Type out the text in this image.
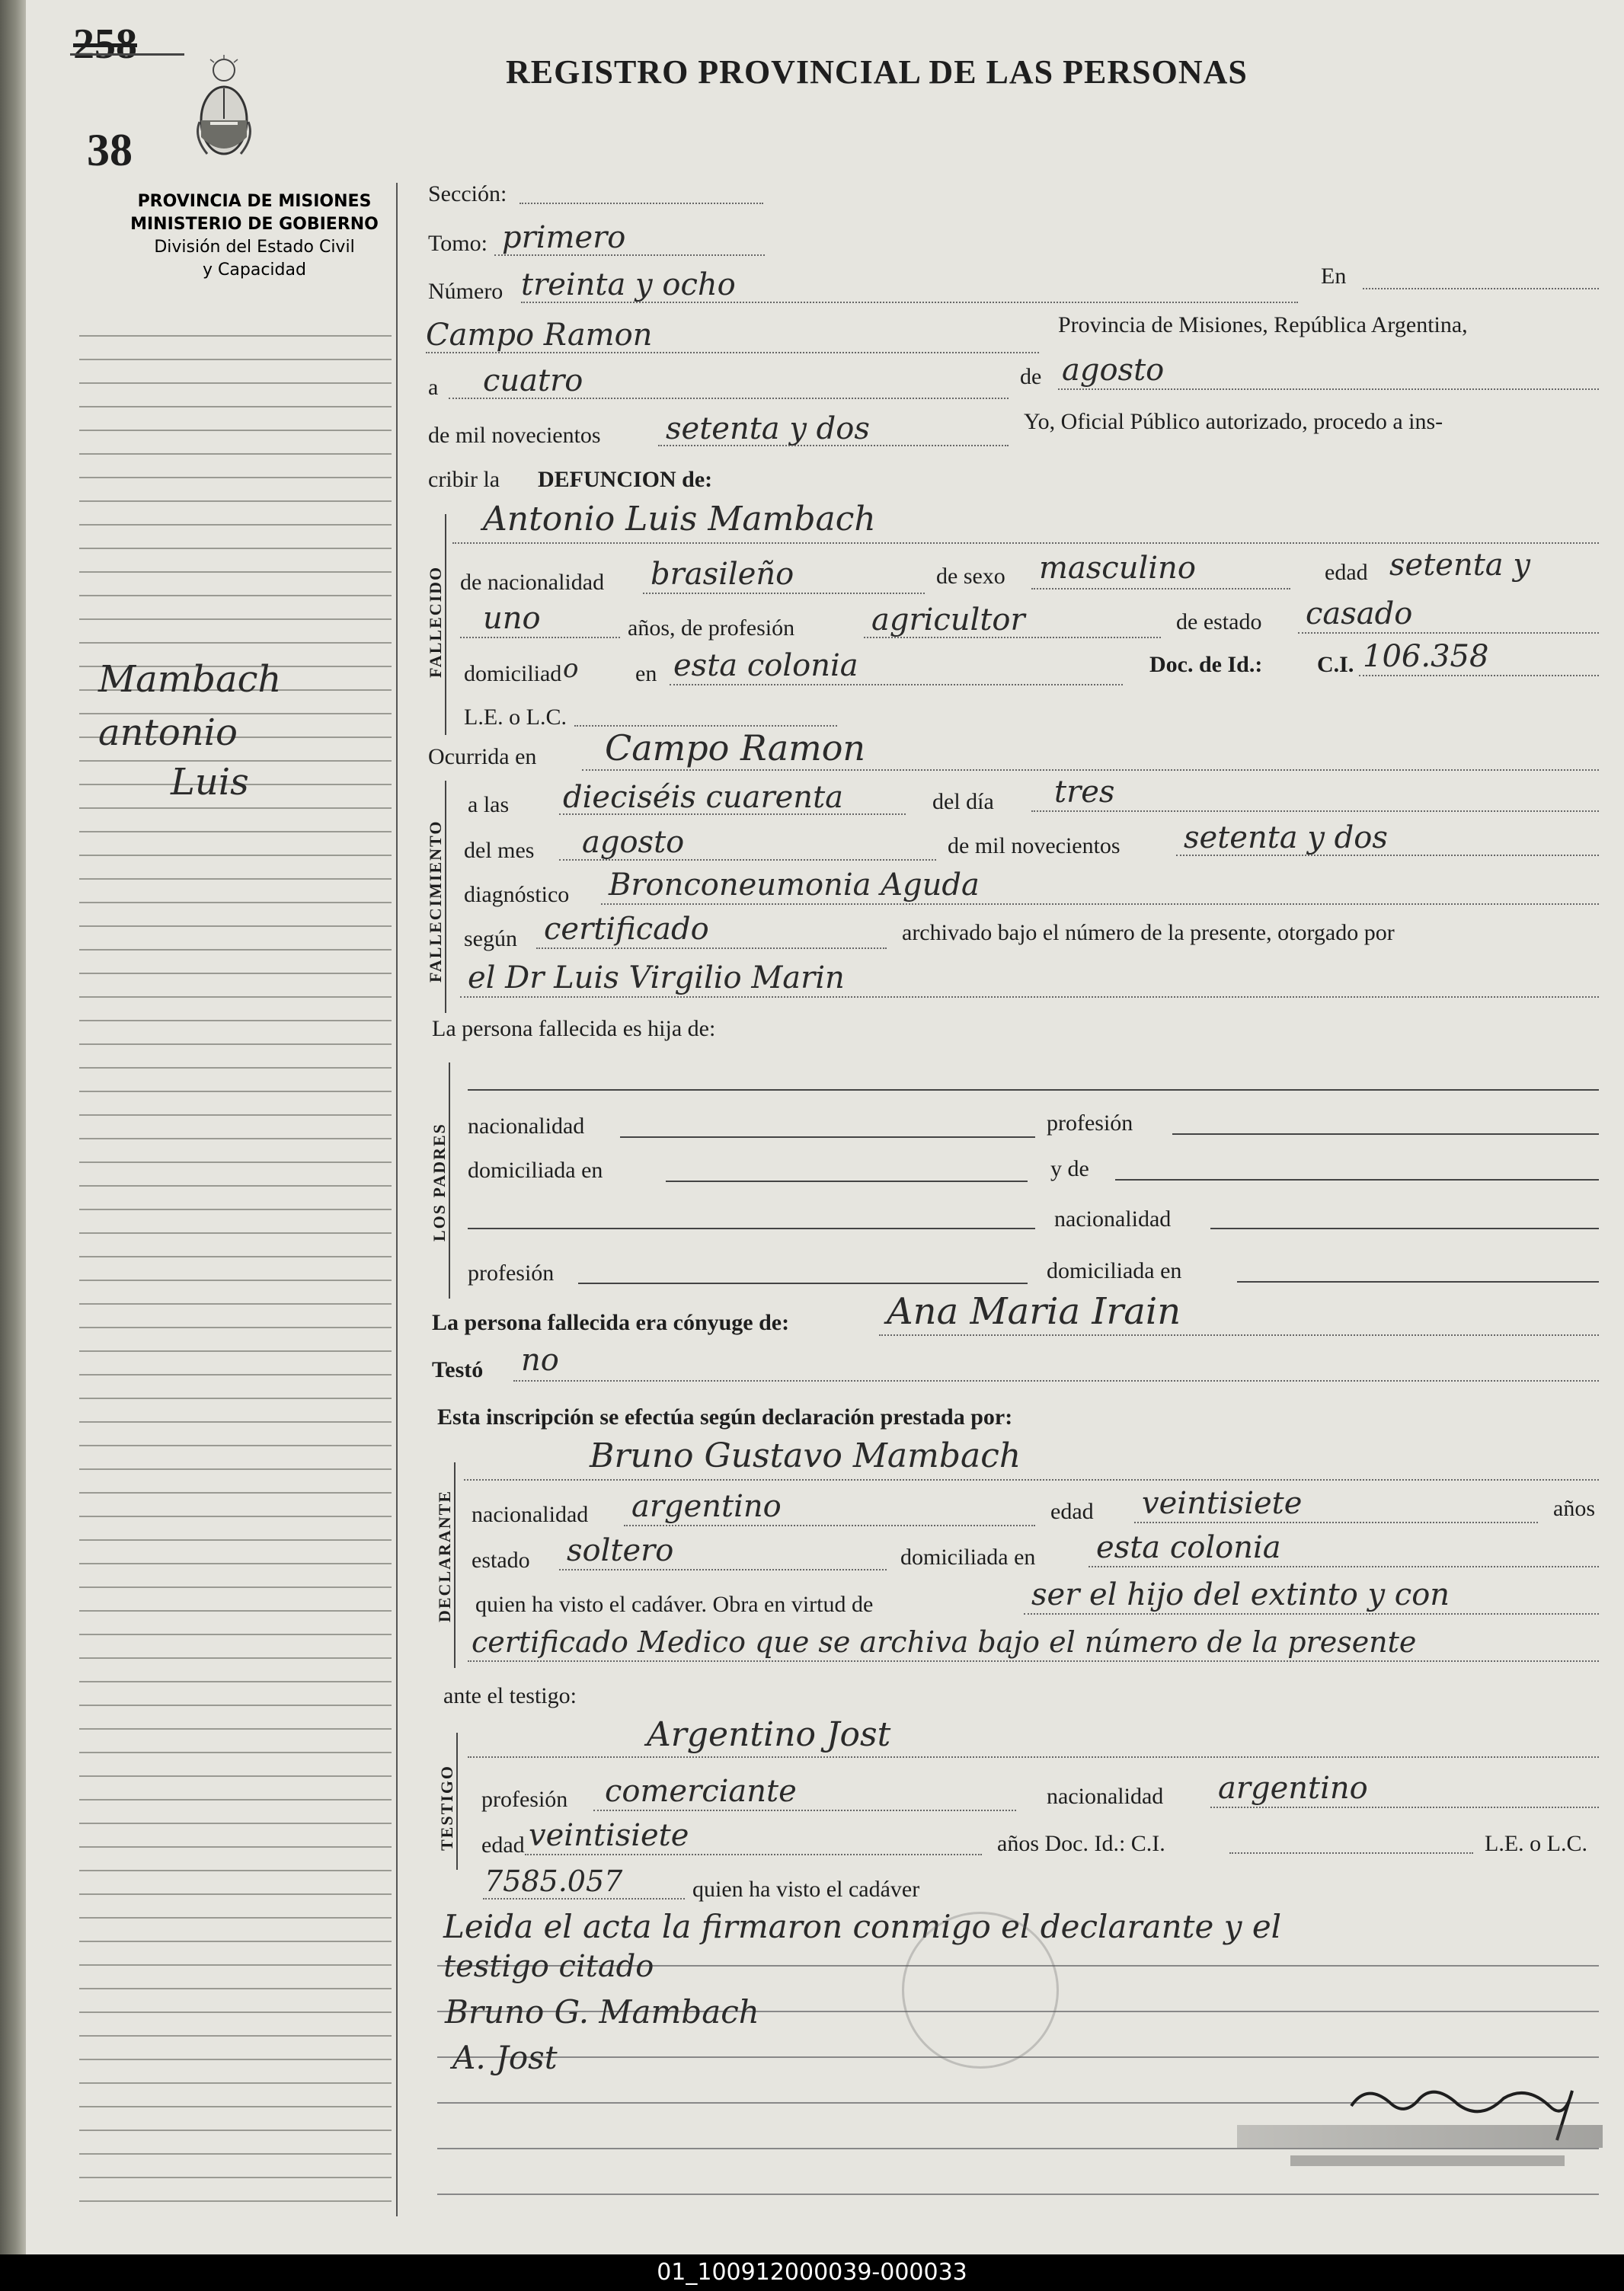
258
38
REGISTRO PROVINCIAL DE LAS PERSONAS
PROVINCIA DE MISIONES
MINISTERIO DE GOBIERNO
División del Estado Civil
y Capacidad
Mambach
antonio
Luis
Sección:
Tomo: primero
Número treinta y ocho	En
Campo Ramon	Provincia de Misiones, República Argentina,
a cuatro	de agosto
de mil novecientos setenta y dos	Yo, Oficial Público autorizado, procedo a ins-
cribir la DEFUNCION de:
FALLECIDO
Antonio Luis Mambach
de nacionalidad brasileño	de sexo masculino	edad setenta y
uno	años, de profesión	agricultor	de estado casado
domiciliad o en esta colonia	Doc. de Id.: C.I. 106.358
L.E. o L.C.
Ocurrida en Campo Ramon
FALLECIMIENTO
a las dieciséis cuarenta	del día tres
del mes agosto	de mil novecientos setenta y dos
diagnóstico Bronconeumonia Aguda
según certificado	archivado bajo el número de la presente, otorgado por
el Dr Luis Virgilio Marin
La persona fallecida es hija de:
LOS PADRES nacionalidad	profesión
domiciliada en	y de
nacionalidad
profesión	domiciliada en
La persona fallecida era cónyuge de:	Ana Maria Irain
Testó no
Esta inscripción se efectúa según declaración prestada por:
DECLARANTE
Bruno Gustavo Mambach
nacionalidad argentino	edad veintisiete	años
estado soltero	domiciliada en esta colonia
quien ha visto el cadáver. Obra en virtud de	ser el hijo del extinto y con
certificado Medico que se archiva bajo el número de la presente
ante el testigo:
TESTIGO
Argentino Jost
profesión comerciante	nacionalidad argentino
edad veintisiete	años Doc. Id.: C.I.	L.E. o L.C.
7585.057	quien ha visto el cadáver
Leida el acta la firmaron conmigo el declarante y el
testigo citado
Bruno G. Mambach
A. Jost
01_100912000039-000033
